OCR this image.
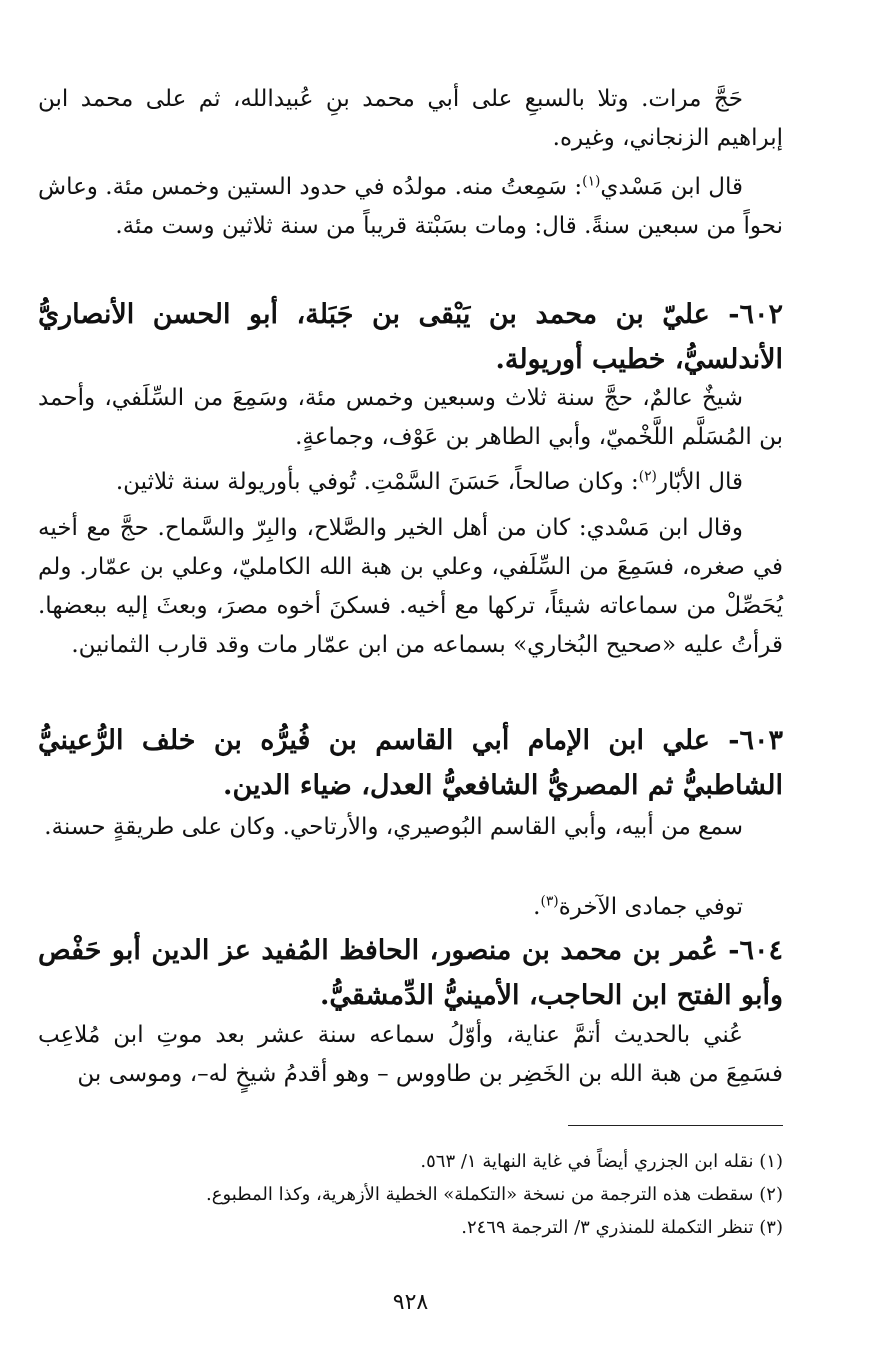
حَجَّ مرات. وتلا بالسبعِ على أبي محمد بنِ عُبيدالله، ثم على محمد ابن إبراهيم الزنجاني، وغيره.
قال ابن مَسْدي$^{(١)}$: سَمِعتُ منه. مولدُه في حدود الستين وخمس مئة. وعاش نحواً من سبعين سنةً. قال: ومات بسَبْتة قريباً من سنة ثلاثين وست مئة.
٦٠٢- عليّ بن محمد بن يَبْقى بن جَبَلة، أبو الحسن الأنصاريُّ الأندلسيُّ، خطيب أوريولة.
شيخٌ عالمٌ، حجَّ سنة ثلاث وسبعين وخمس مئة، وسَمِعَ من السِّلَفي، وأحمد بن المُسَلَّم اللَّخْميّ، وأبي الطاهر بن عَوْف، وجماعةٍ.
قال الأبّار$^{(٢)}$: وكان صالحاً، حَسَنَ السَّمْتِ. تُوفي بأوريولة سنة ثلاثين.
وقال ابن مَسْدي: كان من أهل الخير والصَّلاح، والبِرّ والسَّماح. حجَّ مع أخيه في صغره، فسَمِعَ من السِّلَفي، وعلي بن هبة الله الكامليّ، وعلي بن عمّار. ولم يُحَصِّلْ من سماعاته شيئاً، تركها مع أخيه. فسكنَ أخوه مصرَ، وبعثَ إليه ببعضها. قرأتُ عليه «صحيح البُخاري» بسماعه من ابن عمّار مات وقد قارب الثمانين.
٦٠٣- علي ابن الإمام أبي القاسم بن فُيرُّه بن خلف الرُّعينيُّ الشاطبيُّ ثم المصريُّ الشافعيُّ العدل، ضياء الدين.
سمع من أبيه، وأبي القاسم البُوصيري، والأرتاحي. وكان على طريقةٍ حسنة.
توفي جمادى الآخرة$^{(٣)}$.
٦٠٤- عُمر بن محمد بن منصور، الحافظ المُفيد عز الدين أبو حَفْص وأبو الفتح ابن الحاجب، الأمينيُّ الدِّمشقيُّ.
عُني بالحديث أتمَّ عناية، وأوّلُ سماعه سنة عشر بعد موتِ ابن مُلاعِب فسَمِعَ من هبة الله بن الخَضِر بن طاووس – وهو أقدمُ شيخٍ له–، وموسى بن
(١) نقله ابن الجزري أيضاً في غاية النهاية ١/ ٥٦٣.
(٢) سقطت هذه الترجمة من نسخة «التكملة» الخطية الأزهرية، وكذا المطبوع.
(٣) تنظر التكملة للمنذري ٣/ الترجمة ٢٤٦٩.
٩٢٨
